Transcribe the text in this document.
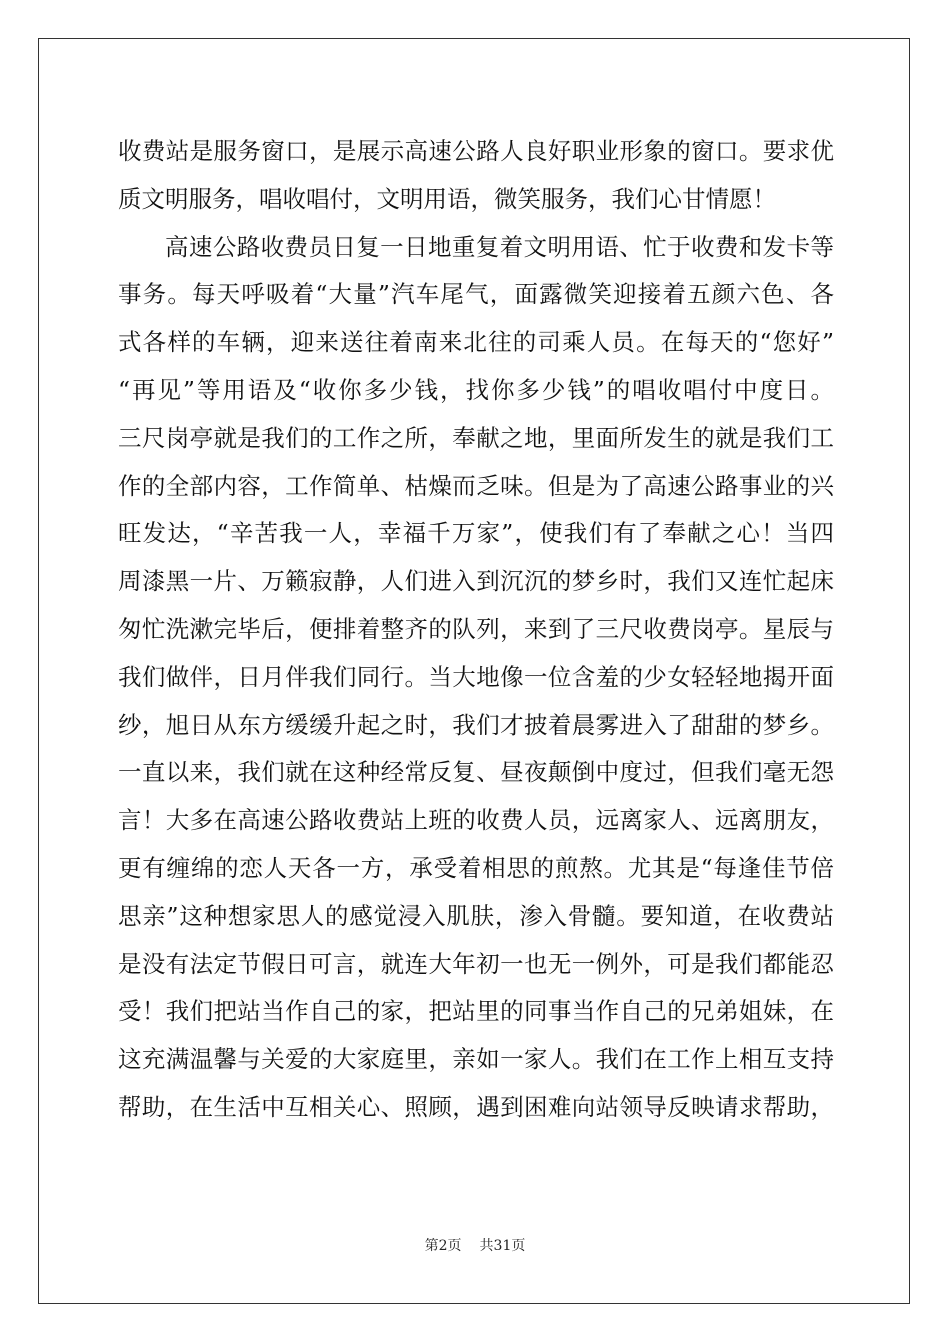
收费站是服务窗口，是展示高速公路人良好职业形象的窗口。要求优
质文明服务，唱收唱付，文明用语，微笑服务，我们心甘情愿！
高速公路收费员日复一日地重复着文明用语、忙于收费和发卡等
事务。每天呼吸着“大量”汽车尾气，面露微笑迎接着五颜六色、各
式各样的车辆，迎来送往着南来北往的司乘人员。在每天的“您好”
“再见”等用语及“收你多少钱，找你多少钱”的唱收唱付中度日。
三尺岗亭就是我们的工作之所，奉献之地，里面所发生的就是我们工
作的全部内容，工作简单、枯燥而乏味。但是为了高速公路事业的兴
旺发达，“辛苦我一人，幸福千万家”，使我们有了奉献之心！当四
周漆黑一片、万籁寂静，人们进入到沉沉的梦乡时，我们又连忙起床
匆忙洗漱完毕后，便排着整齐的队列，来到了三尺收费岗亭。星辰与
我们做伴，日月伴我们同行。当大地像一位含羞的少女轻轻地揭开面
纱，旭日从东方缓缓升起之时，我们才披着晨雾进入了甜甜的梦乡。
一直以来，我们就在这种经常反复、昼夜颠倒中度过，但我们毫无怨
言！大多在高速公路收费站上班的收费人员，远离家人、远离朋友，
更有缠绵的恋人天各一方，承受着相思的煎熬。尤其是“每逢佳节倍
思亲”这种想家思人的感觉浸入肌肤，渗入骨髓。要知道，在收费站
是没有法定节假日可言，就连大年初一也无一例外，可是我们都能忍
受！我们把站当作自己的家，把站里的同事当作自己的兄弟姐妹，在
这充满温馨与关爱的大家庭里，亲如一家人。我们在工作上相互支持
帮助，在生活中互相关心、照顾，遇到困难向站领导反映请求帮助，
第2页 共31页
